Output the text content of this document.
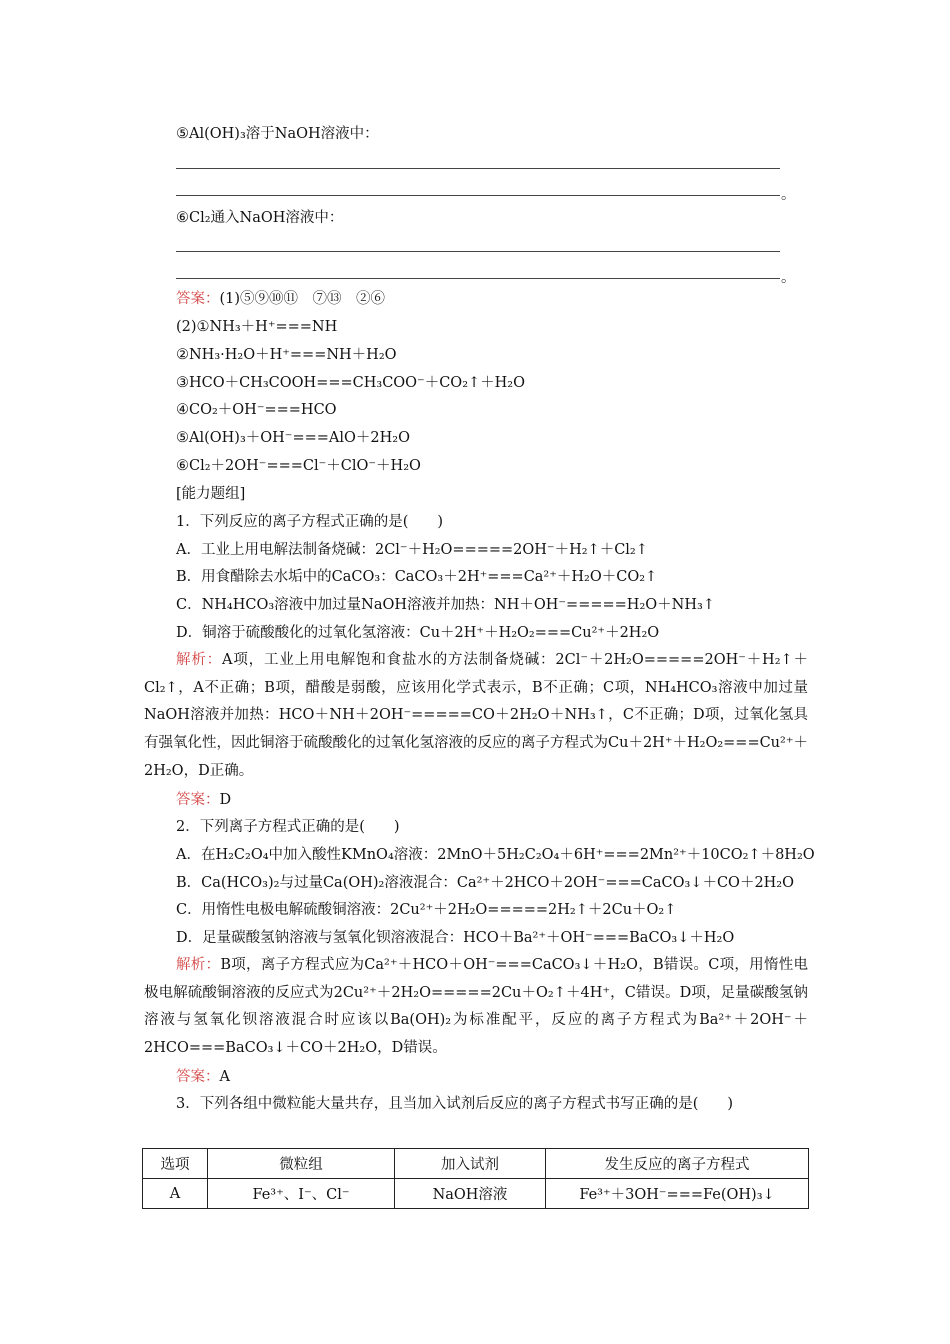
⑤Al(OH)₃溶于NaOH溶液中：
。
⑥Cl₂通入NaOH溶液中：
。
答案：(1)⑤⑨⑩⑪　⑦⑬　②⑥
(2)①NH₃＋H⁺===NH
②NH₃·H₂O＋H⁺===NH＋H₂O
③HCO＋CH₃COOH===CH₃COO⁻＋CO₂↑＋H₂O
④CO₂＋OH⁻===HCO
⑤Al(OH)₃＋OH⁻===AlO＋2H₂O
⑥Cl₂＋2OH⁻===Cl⁻＋ClO⁻＋H₂O
[能力题组]
1．下列反应的离子方程式正确的是(　　)
A．工业上用电解法制备烧碱：2Cl⁻＋H₂O=====2OH⁻＋H₂↑＋Cl₂↑
B．用食醋除去水垢中的CaCO₃：CaCO₃＋2H⁺===Ca²⁺＋H₂O＋CO₂↑
C．NH₄HCO₃溶液中加过量NaOH溶液并加热：NH＋OH⁻=====H₂O＋NH₃↑
D．铜溶于硫酸酸化的过氧化氢溶液：Cu＋2H⁺＋H₂O₂===Cu²⁺＋2H₂O
解析：A项，工业上用电解饱和食盐水的方法制备烧碱：2Cl⁻＋2H₂O=====2OH⁻＋H₂↑＋Cl₂↑，A不正确；B项，醋酸是弱酸，应该用化学式表示，B不正确；C项，NH₄HCO₃溶液中加过量NaOH溶液并加热：HCO＋NH＋2OH⁻=====CO＋2H₂O＋NH₃↑，C不正确；D项，过氧化氢具有强氧化性，因此铜溶于硫酸酸化的过氧化氢溶液的反应的离子方程式为Cu＋2H⁺＋H₂O₂===Cu²⁺＋2H₂O，D正确。
答案：D
2．下列离子方程式正确的是(　　)
A．在H₂C₂O₄中加入酸性KMnO₄溶液：2MnO＋5H₂C₂O₄＋6H⁺===2Mn²⁺＋10CO₂↑＋8H₂O
B．Ca(HCO₃)₂与过量Ca(OH)₂溶液混合：Ca²⁺＋2HCO＋2OH⁻===CaCO₃↓＋CO＋2H₂O
C．用惰性电极电解硫酸铜溶液：2Cu²⁺＋2H₂O=====2H₂↑＋2Cu＋O₂↑
D．足量碳酸氢钠溶液与氢氧化钡溶液混合：HCO＋Ba²⁺＋OH⁻===BaCO₃↓＋H₂O
解析：B项，离子方程式应为Ca²⁺＋HCO＋OH⁻===CaCO₃↓＋H₂O，B错误。C项，用惰性电极电解硫酸铜溶液的反应式为2Cu²⁺＋2H₂O=====2Cu＋O₂↑＋4H⁺，C错误。D项，足量碳酸氢钠溶液与氢氧化钡溶液混合时应该以Ba(OH)₂为标准配平，反应的离子方程式为Ba²⁺＋2OH⁻＋2HCO===BaCO₃↓＋CO＋2H₂O，D错误。
答案：A
3．下列各组中微粒能大量共存，且当加入试剂后反应的离子方程式书写正确的是(　　)
选项	微粒组	加入试剂	发生反应的离子方程式
A	Fe³⁺、I⁻、Cl⁻	NaOH溶液	Fe³⁺＋3OH⁻===Fe(OH)₃↓
